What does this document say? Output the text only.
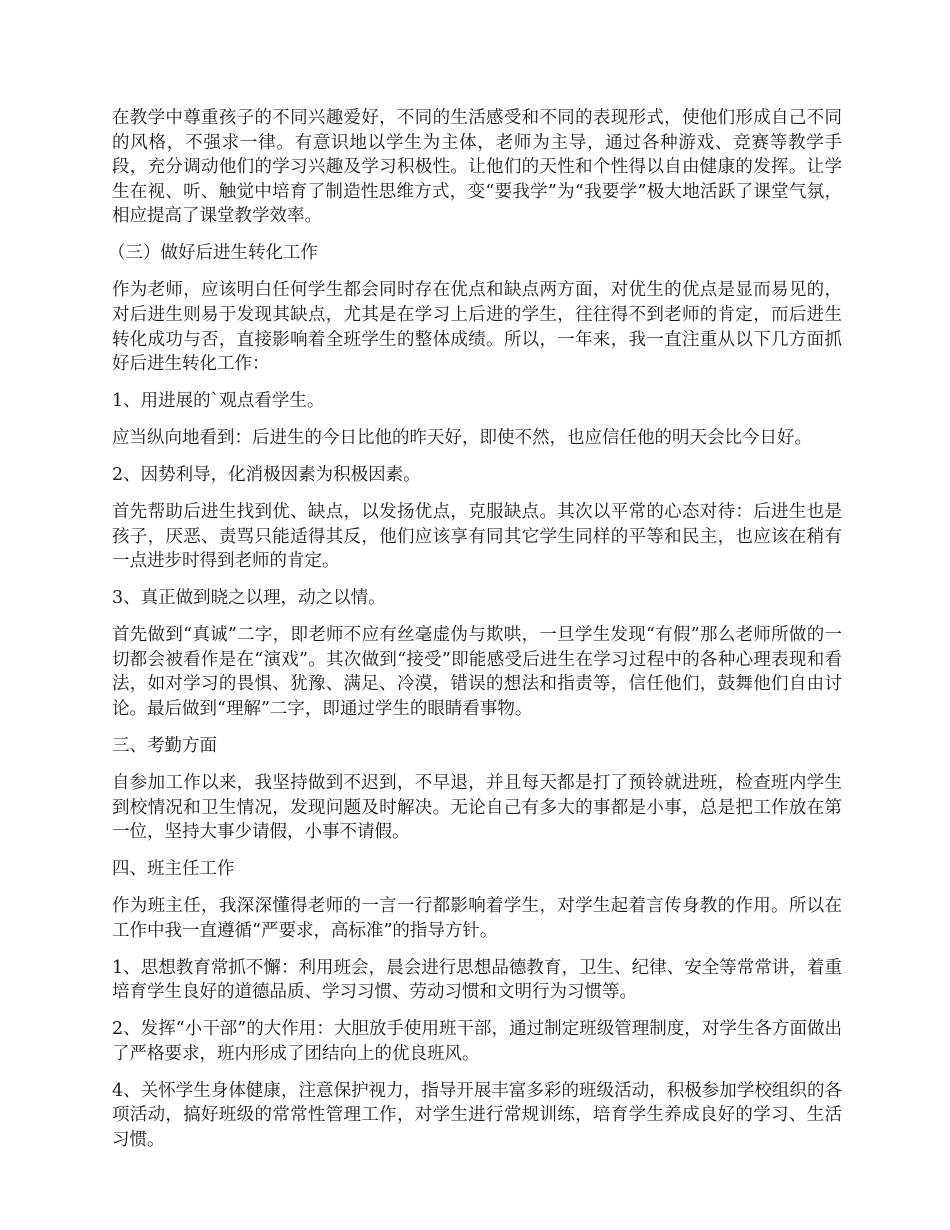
在教学中尊重孩子的不同兴趣爱好，不同的生活感受和不同的表现形式，使他们形成自己不同的风格，不强求一律。有意识地以学生为主体，老师为主导，通过各种游戏、竞赛等教学手段，充分调动他们的学习兴趣及学习积极性。让他们的天性和个性得以自由健康的发挥。让学生在视、听、触觉中培育了制造性思维方式，变“要我学”为“我要学”极大地活跃了课堂气氛，相应提高了课堂教学效率。

（三）做好后进生转化工作

作为老师，应该明白任何学生都会同时存在优点和缺点两方面，对优生的优点是显而易见的，对后进生则易于发现其缺点，尤其是在学习上后进的学生，往往得不到老师的肯定，而后进生转化成功与否，直接影响着全班学生的整体成绩。所以，一年来，我一直注重从以下几方面抓好后进生转化工作：

1、用进展的`观点看学生。

应当纵向地看到：后进生的今日比他的昨天好，即使不然，也应信任他的明天会比今日好。

2、因势利导，化消极因素为积极因素。

首先帮助后进生找到优、缺点，以发扬优点，克服缺点。其次以平常的心态对待：后进生也是孩子，厌恶、责骂只能适得其反，他们应该享有同其它学生同样的平等和民主，也应该在稍有一点进步时得到老师的肯定。

3、真正做到晓之以理，动之以情。

首先做到“真诚”二字，即老师不应有丝毫虚伪与欺哄，一旦学生发现“有假”那么老师所做的一切都会被看作是在“演戏”。其次做到“接受”即能感受后进生在学习过程中的各种心理表现和看法，如对学习的畏惧、犹豫、满足、冷漠，错误的想法和指责等，信任他们，鼓舞他们自由讨论。最后做到“理解”二字，即通过学生的眼睛看事物。

三、考勤方面

自参加工作以来，我坚持做到不迟到，不早退，并且每天都是打了预铃就进班，检查班内学生到校情况和卫生情况，发现问题及时解决。无论自己有多大的事都是小事，总是把工作放在第一位，坚持大事少请假，小事不请假。

四、班主任工作

作为班主任，我深深懂得老师的一言一行都影响着学生，对学生起着言传身教的作用。所以在工作中我一直遵循“严要求，高标准”的指导方针。

1、思想教育常抓不懈：利用班会，晨会进行思想品德教育，卫生、纪律、安全等常常讲，着重培育学生良好的道德品质、学习习惯、劳动习惯和文明行为习惯等。

2、发挥“小干部”的大作用：大胆放手使用班干部，通过制定班级管理制度，对学生各方面做出了严格要求，班内形成了团结向上的优良班风。

4、关怀学生身体健康，注意保护视力，指导开展丰富多彩的班级活动，积极参加学校组织的各项活动，搞好班级的常常性管理工作，对学生进行常规训练，培育学生养成良好的学习、生活习惯。
